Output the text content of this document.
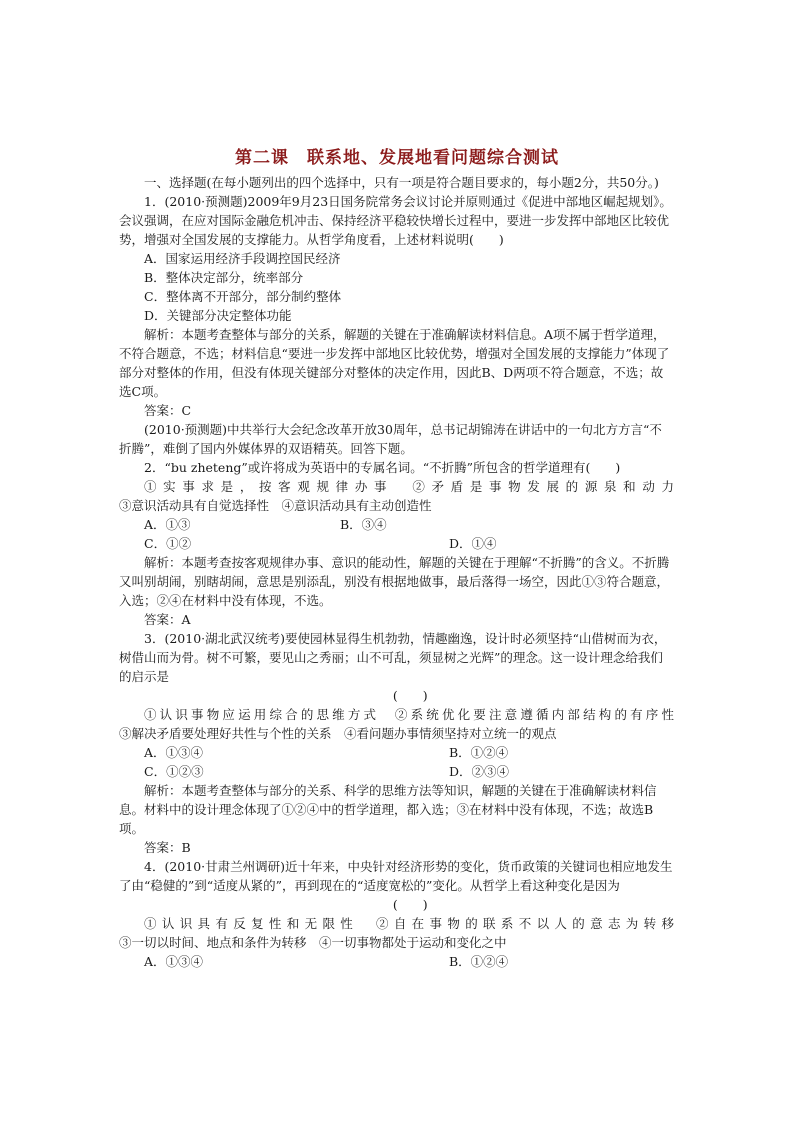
第二课　联系地、发展地看问题综合测试

一、选择题(在每小题列出的四个选择中，只有一项是符合题目要求的，每小题2分，共50分。)

1．(2010·预测题)2009年9月23日国务院常务会议讨论并原则通过《促进中部地区崛起规划》。会议强调，在应对国际金融危机冲击、保持经济平稳较快增长过程中，要进一步发挥中部地区比较优势，增强对全国发展的支撑能力。从哲学角度看，上述材料说明(　　)

A．国家运用经济手段调控国民经济

B．整体决定部分，统率部分

C．整体离不开部分，部分制约整体

D．关键部分决定整体功能

解析：本题考查整体与部分的关系，解题的关键在于准确解读材料信息。A项不属于哲学道理，不符合题意，不选；材料信息“要进一步发挥中部地区比较优势，增强对全国发展的支撑能力”体现了部分对整体的作用，但没有体现关键部分对整体的决定作用，因此B、D两项不符合题意，不选；故选C项。

答案：C

(2010·预测题)中共举行大会纪念改革开放30周年，总书记胡锦涛在讲话中的一句北方方言“不折腾”，难倒了国内外媒体界的双语精英。回答下题。

2．“bu zheteng”或许将成为英语中的专属名词。“不折腾”所包含的哲学道理有(　　)

①实事求是，按客观规律办事　②矛盾是事物发展的源泉和动力

③意识活动具有自觉选择性　④意识活动具有主动创造性

A．①③	B．③④
C．①②	D．①④

解析：本题考查按客观规律办事、意识的能动性，解题的关键在于理解“不折腾”的含义。不折腾又叫别胡闹，别瞎胡闹，意思是别添乱，别没有根据地做事，最后落得一场空，因此①③符合题意，入选；②④在材料中没有体现，不选。

答案：A

3．(2010·湖北武汉统考)要使园林显得生机勃勃，情趣幽逸，设计时必须坚持“山借树而为衣，树借山而为骨。树不可繁，要见山之秀丽；山不可乱，须显树之光辉”的理念。这一设计理念给我们的启示是

(　　)

①认识事物应运用综合的思维方式　②系统优化要注意遵循内部结构的有序性

③解决矛盾要处理好共性与个性的关系　④看问题办事情须坚持对立统一的观点

A．①③④	B．①②④
C．①②③	D．②③④

解析：本题考查整体与部分的关系、科学的思维方法等知识，解题的关键在于准确解读材料信息。材料中的设计理念体现了①②④中的哲学道理，都入选；③在材料中没有体现，不选；故选B项。

答案：B

4．(2010·甘肃兰州调研)近十年来，中央针对经济形势的变化，货币政策的关键词也相应地发生了由“稳健的”到“适度从紧的”，再到现在的“适度宽松的”变化。从哲学上看这种变化是因为

(　　)

①认识具有反复性和无限性　②自在事物的联系不以人的意志为转移

③一切以时间、地点和条件为转移　④一切事物都处于运动和变化之中

A．①③④	B．①②④
